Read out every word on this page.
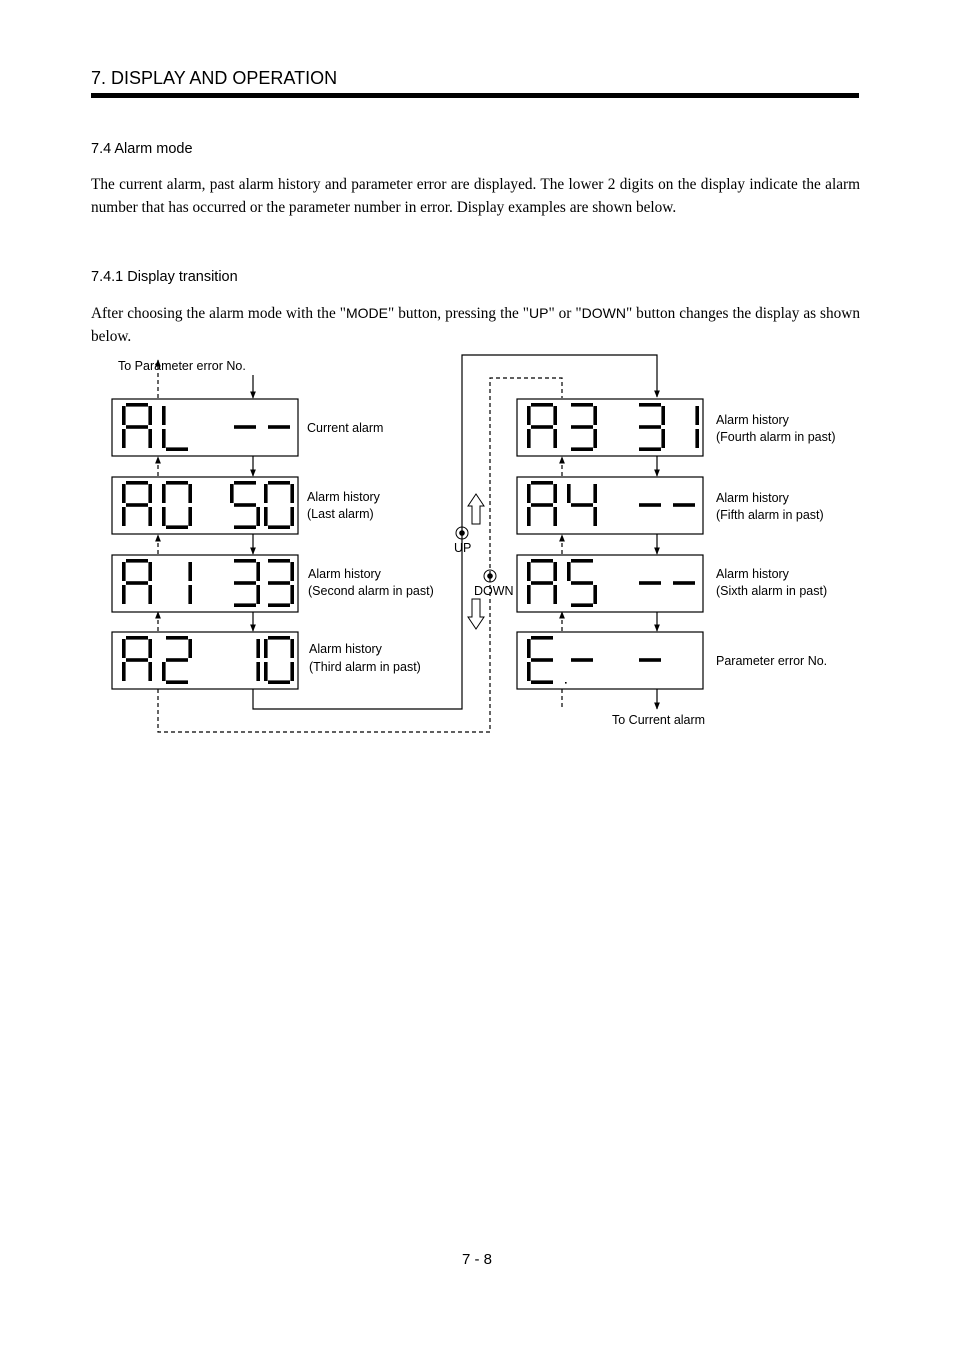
7. DISPLAY AND OPERATION
7.4 Alarm mode
The current alarm, past alarm history and parameter error are displayed. The lower 2 digits on the display indicate the alarm number that has occurred or the parameter number in error. Display examples are shown below.
7.4.1 Display transition
After choosing the alarm mode with the "MODE" button, pressing the "UP" or "DOWN" button changes the display as shown below.
To Parameter error No.
To Current alarm
Current alarm
Alarm history
(Last alarm)
Alarm history
(Second alarm in past)
Alarm history
(Third alarm in past)
Alarm history
(Fourth alarm in past)
Alarm history
(Fifth alarm in past)
Alarm history
(Sixth alarm in past)
Parameter error No.
UP
DOWN
7 - 8
